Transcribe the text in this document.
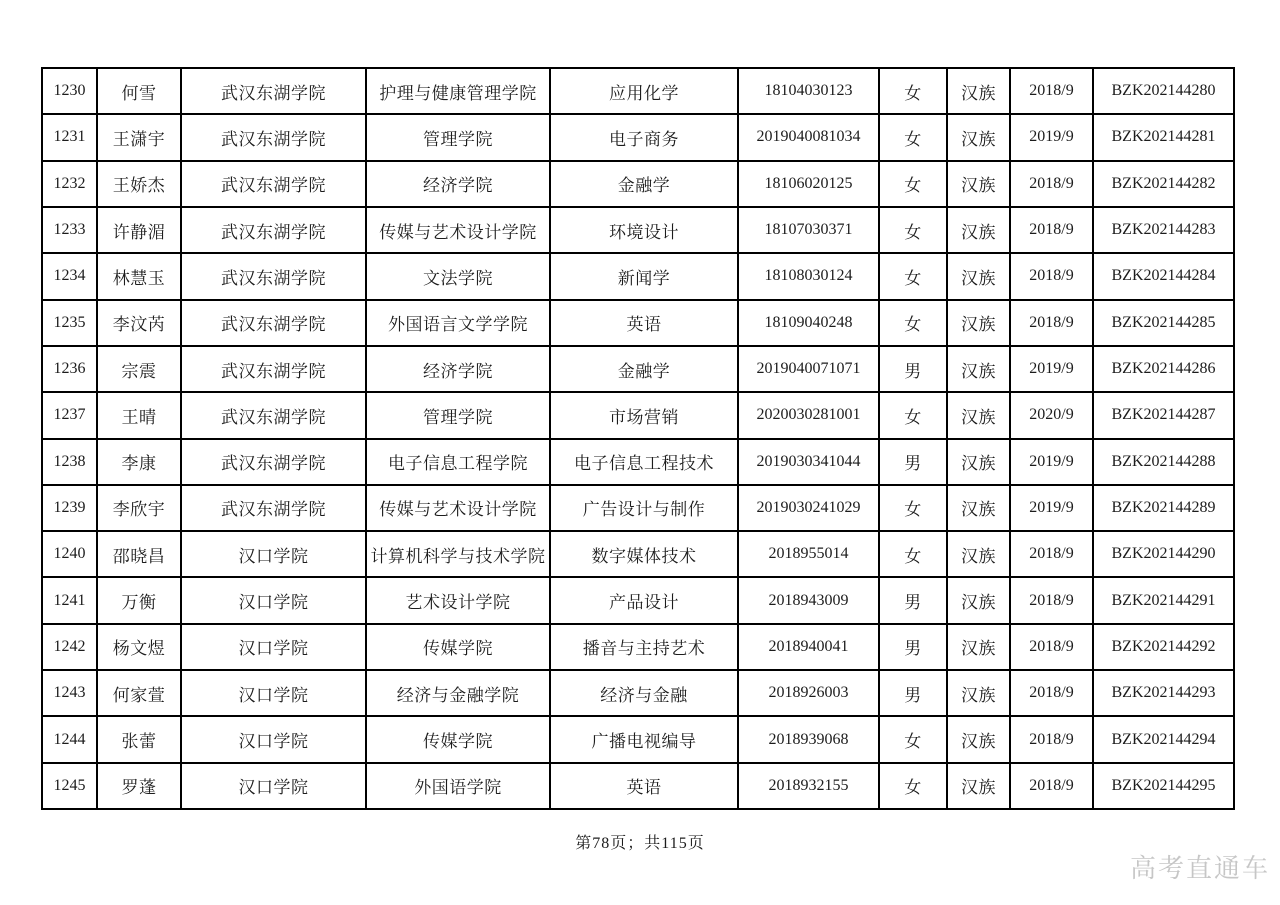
1230	何雪	武汉东湖学院	护理与健康管理学院	应用化学	18104030123	女	汉族	2018/9	BZK202144280
1231	王潇宇	武汉东湖学院	管理学院	电子商务	2019040081034	女	汉族	2019/9	BZK202144281
1232	王娇杰	武汉东湖学院	经济学院	金融学	18106020125	女	汉族	2018/9	BZK202144282
1233	许静湄	武汉东湖学院	传媒与艺术设计学院	环境设计	18107030371	女	汉族	2018/9	BZK202144283
1234	林慧玉	武汉东湖学院	文法学院	新闻学	18108030124	女	汉族	2018/9	BZK202144284
1235	李汶芮	武汉东湖学院	外国语言文学学院	英语	18109040248	女	汉族	2018/9	BZK202144285
1236	宗震	武汉东湖学院	经济学院	金融学	2019040071071	男	汉族	2019/9	BZK202144286
1237	王晴	武汉东湖学院	管理学院	市场营销	2020030281001	女	汉族	2020/9	BZK202144287
1238	李康	武汉东湖学院	电子信息工程学院	电子信息工程技术	2019030341044	男	汉族	2019/9	BZK202144288
1239	李欣宇	武汉东湖学院	传媒与艺术设计学院	广告设计与制作	2019030241029	女	汉族	2019/9	BZK202144289
1240	邵晓昌	汉口学院	计算机科学与技术学院	数字媒体技术	2018955014	女	汉族	2018/9	BZK202144290
1241	万衡	汉口学院	艺术设计学院	产品设计	2018943009	男	汉族	2018/9	BZK202144291
1242	杨文煜	汉口学院	传媒学院	播音与主持艺术	2018940041	男	汉族	2018/9	BZK202144292
1243	何家萱	汉口学院	经济与金融学院	经济与金融	2018926003	男	汉族	2018/9	BZK202144293
1244	张蕾	汉口学院	传媒学院	广播电视编导	2018939068	女	汉族	2018/9	BZK202144294
1245	罗蓬	汉口学院	外国语学院	英语	2018932155	女	汉族	2018/9	BZK202144295
第78页；共115页
高考直通车
